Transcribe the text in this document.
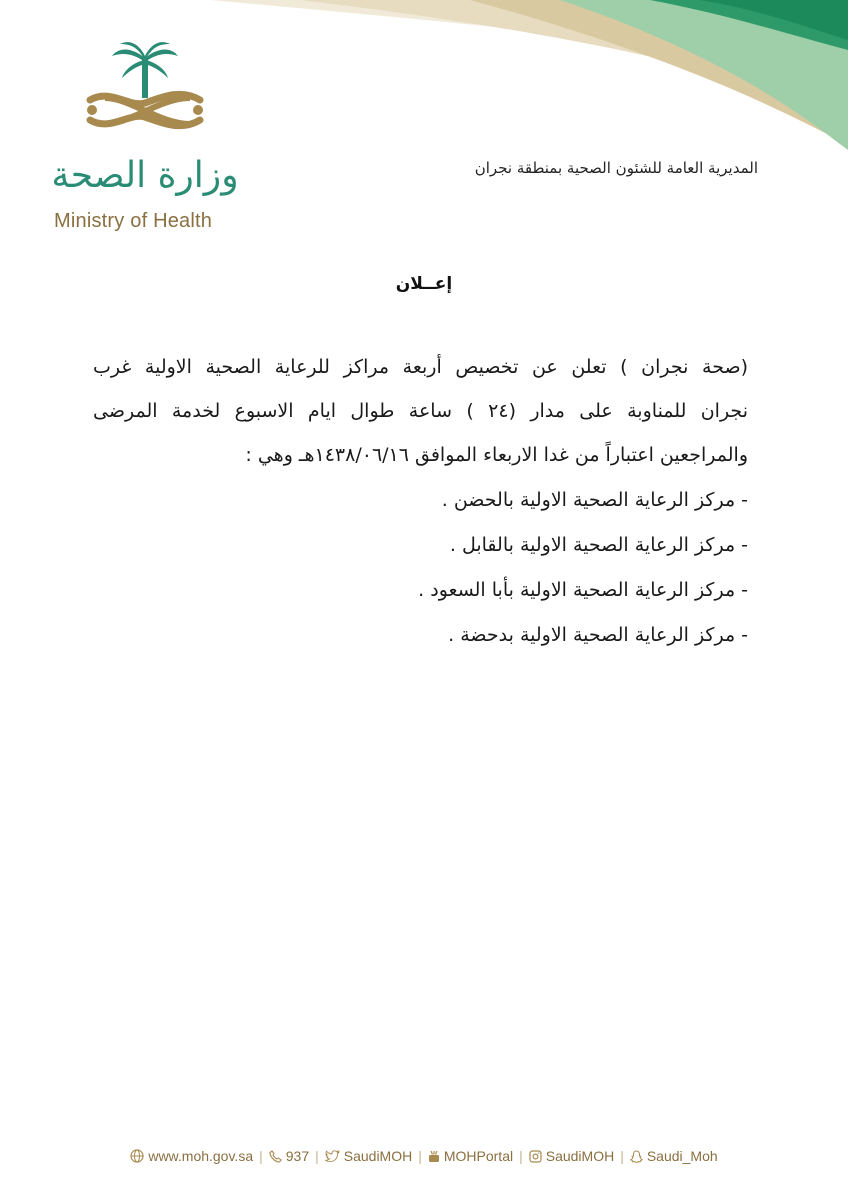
وزارة الصحة
Ministry of Health
المديرية العامة للشئون الصحية بمنطقة نجران
إعــلان
(صحة نجران ) تعلن عن تخصيص أربعة مراكز للرعاية الصحية الاولية غرب
نجران للمناوبة على مدار (٢٤ ) ساعة طوال ايام الاسبوع لخدمة المرضى
والمراجعين اعتباراً من غدا الاربعاء الموافق ١٤٣٨/٠٦/١٦هـ وهي :
-
مركز الرعاية الصحية الاولية بالحضن .
-
مركز الرعاية الصحية الاولية بالقابل .
-
مركز الرعاية الصحية الاولية بأبا السعود .
-
مركز الرعاية الصحية الاولية بدحضة .
www.moh.gov.sa | 937 | SaudiMOH | MOHPortal | SaudiMOH | Saudi_Moh
